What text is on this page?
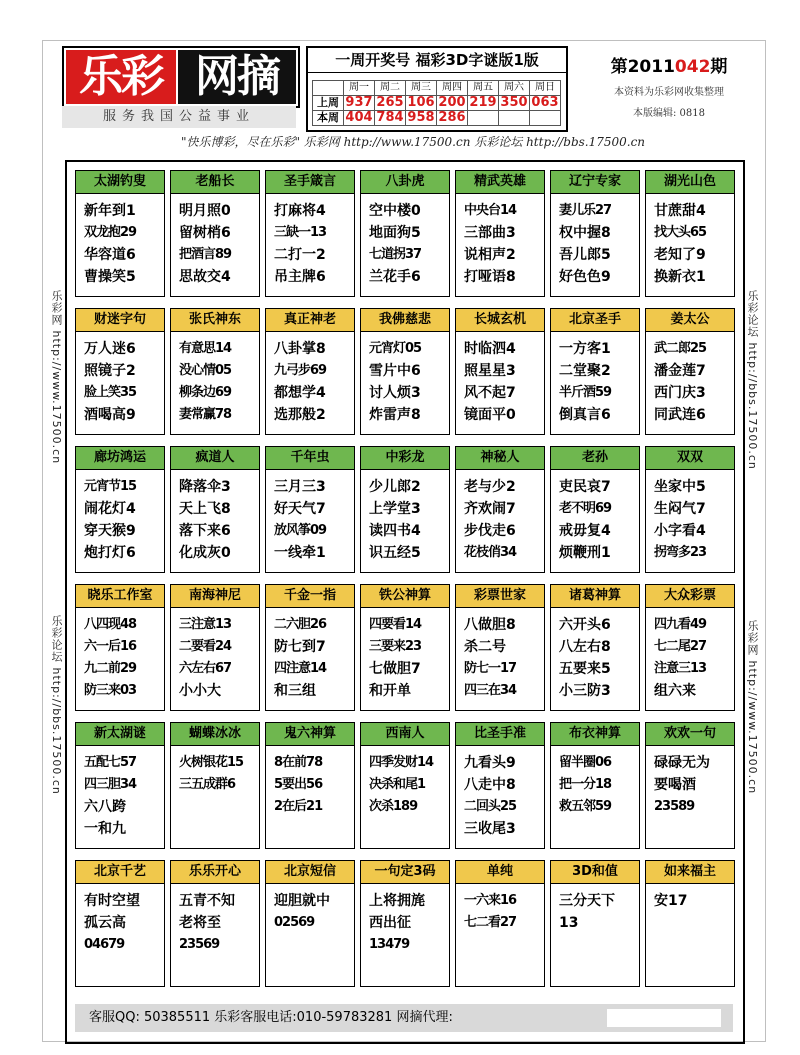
乐彩 网摘
服务我国公益事业
一周开奖号 福彩3D字谜版1版
	周一	周二	周三	周四	周五	周六	周日
上周	937	265	106	200	219	350	063
本周	404	784	958	286			
第2011042期
本资料为乐彩网收集整理
本版编辑: 0818
"快乐博彩，尽在乐彩" 乐彩网 http://www.17500.cn 乐彩论坛 http://bbs.17500.cn
乐彩网 http://www.17500.cn
乐彩论坛 http://bbs.17500.cn
乐彩论坛 http://bbs.17500.cn
乐彩网 http://www.17500.cn
太湖钓叟
新年到1
双龙抱29
华容道6
曹操笑5
老船长
明月照0
留树梢6
把酒言89
思故交4
圣手箴言
打麻将4
三缺一13
二打一2
吊主牌6
八卦虎
空中楼0
地面狗5
七道拐37
兰花手6
精武英雄
中央台14
三部曲3
说相声2
打哑语8
辽宁专家
妻儿乐27
权中握8
吾儿郎5
好色色9
湖光山色
甘蔗甜4
找大头65
老知了9
换新衣1
财迷字句
万人迷6
照镜子2
脸上笑35
酒喝高9
张氏神东
有意思14
没心情05
柳条边69
妻常赢78
真正神老
八卦掌8
九弓步69
都想学4
选那般2
我佛慈悲
元宵灯05
雪片中6
讨人烦3
炸雷声8
长城玄机
时临泗4
照星星3
风不起7
镜面平0
北京圣手
一方客1
二堂聚2
半斤酒59
倒真言6
姜太公
武二郎25
潘金莲7
西门庆3
同武连6
廊坊鸿运
元宵节15
闹花灯4
穿天猴9
炮打灯6
疯道人
降落伞3
天上飞8
落下来6
化成灰0
千年虫
三月三3
好天气7
放风筝09
一线牵1
中彩龙
少儿郎2
上学堂3
读四书4
识五经5
神秘人
老与少2
齐欢闹7
步伐走6
花枝俏34
老孙
吏民哀7
老不明69
戒毋复4
烦鞭刑1
双双
坐家中5
生闷气7
小字看4
拐弯多23
晓乐工作室
八四现48
六一后16
九二前29
防三来03
南海神尼
三注意13
二要看24
六左右67
小小大
千金一指
二六胆26
防七到7
四注意14
和三组
铁公神算
四要看14
三要来23
七做胆7
和开单
彩票世家
八做胆8
杀二号
防七一17
四三在34
诸葛神算
六开头6
八左右8
五要来5
小三防3
大众彩票
四九看49
七二尾27
注意三13
组六来
新太湖谜
五配七57
四三胆34
六八跨
一和九
蝴蝶冰冰
火树银花15
三五成群6
鬼六神算
8在前78
5要出56
2在后21
西南人
四季发财14
决杀和尾1
次杀189
比圣手准
九看头9
八走中8
二回头25
三收尾3
布衣神算
留半圈06
把一分18
救五邻59
欢欢一句
碌碌无为
要喝酒
23589
北京千艺
有时空望
孤云高
04679
乐乐开心
五青不知
老将至
23569
北京短信
迎胆就中
02569
一句定3码
上将拥旄
西出征
13479
单纯
一六来16
七二看27
3D和值
三分天下
13
如来福主
安17
客服QQ: 50385511 乐彩客服电话:010-59783281 网摘代理:
